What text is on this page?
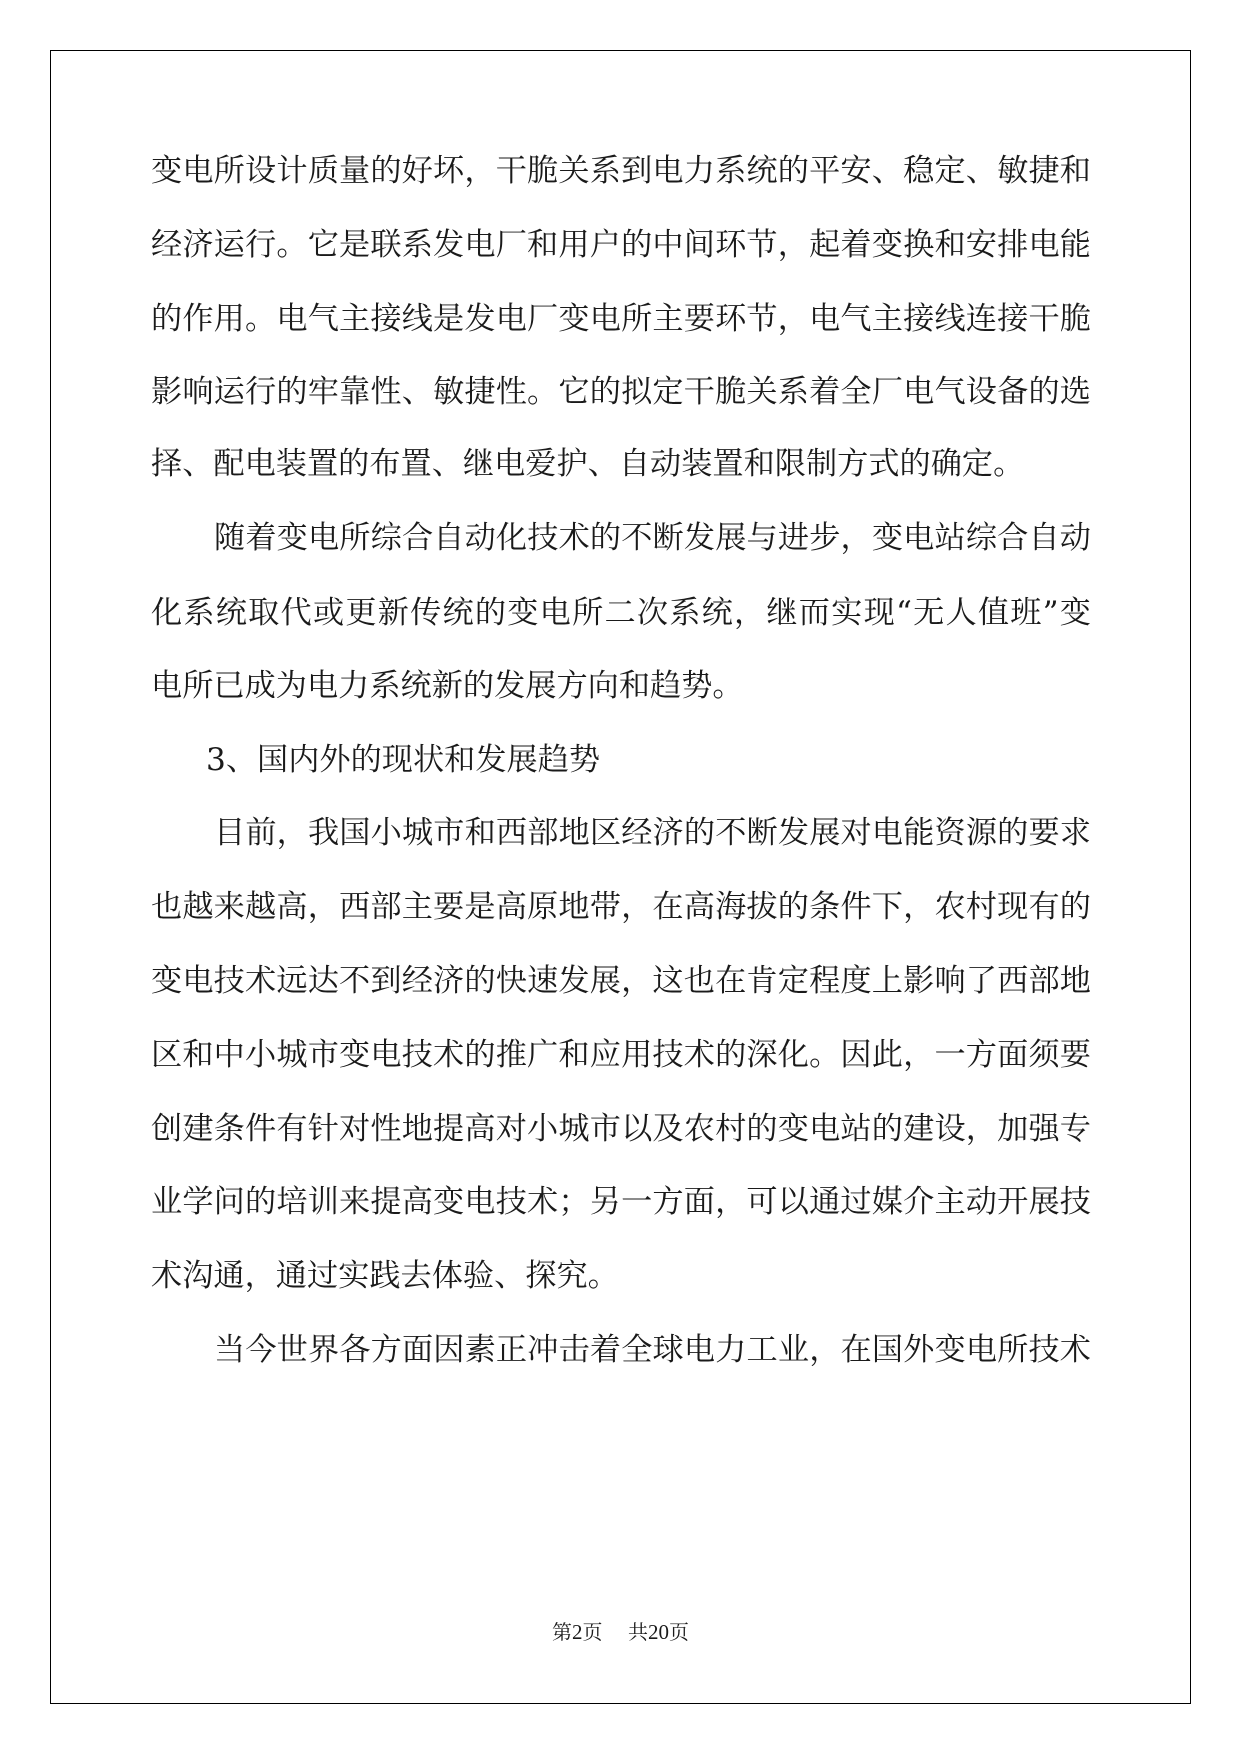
变电所设计质量的好坏，干脆关系到电力系统的平安、稳定、敏捷和
经济运行。它是联系发电厂和用户的中间环节，起着变换和安排电能
的作用。电气主接线是发电厂变电所主要环节，电气主接线连接干脆
影响运行的牢靠性、敏捷性。它的拟定干脆关系着全厂电气设备的选
择、配电装置的布置、继电爱护、自动装置和限制方式的确定。
随着变电所综合自动化技术的不断发展与进步，变电站综合自动
化系统取代或更新传统的变电所二次系统，继而实现“无人值班”变
电所已成为电力系统新的发展方向和趋势。
3、国内外的现状和发展趋势
目前，我国小城市和西部地区经济的不断发展对电能资源的要求
也越来越高，西部主要是高原地带，在高海拔的条件下，农村现有的
变电技术远达不到经济的快速发展，这也在肯定程度上影响了西部地
区和中小城市变电技术的推广和应用技术的深化。因此，一方面须要
创建条件有针对性地提高对小城市以及农村的变电站的建设，加强专
业学问的培训来提高变电技术；另一方面，可以通过媒介主动开展技
术沟通，通过实践去体验、探究。
当今世界各方面因素正冲击着全球电力工业，在国外变电所技术
第2页 共20页
